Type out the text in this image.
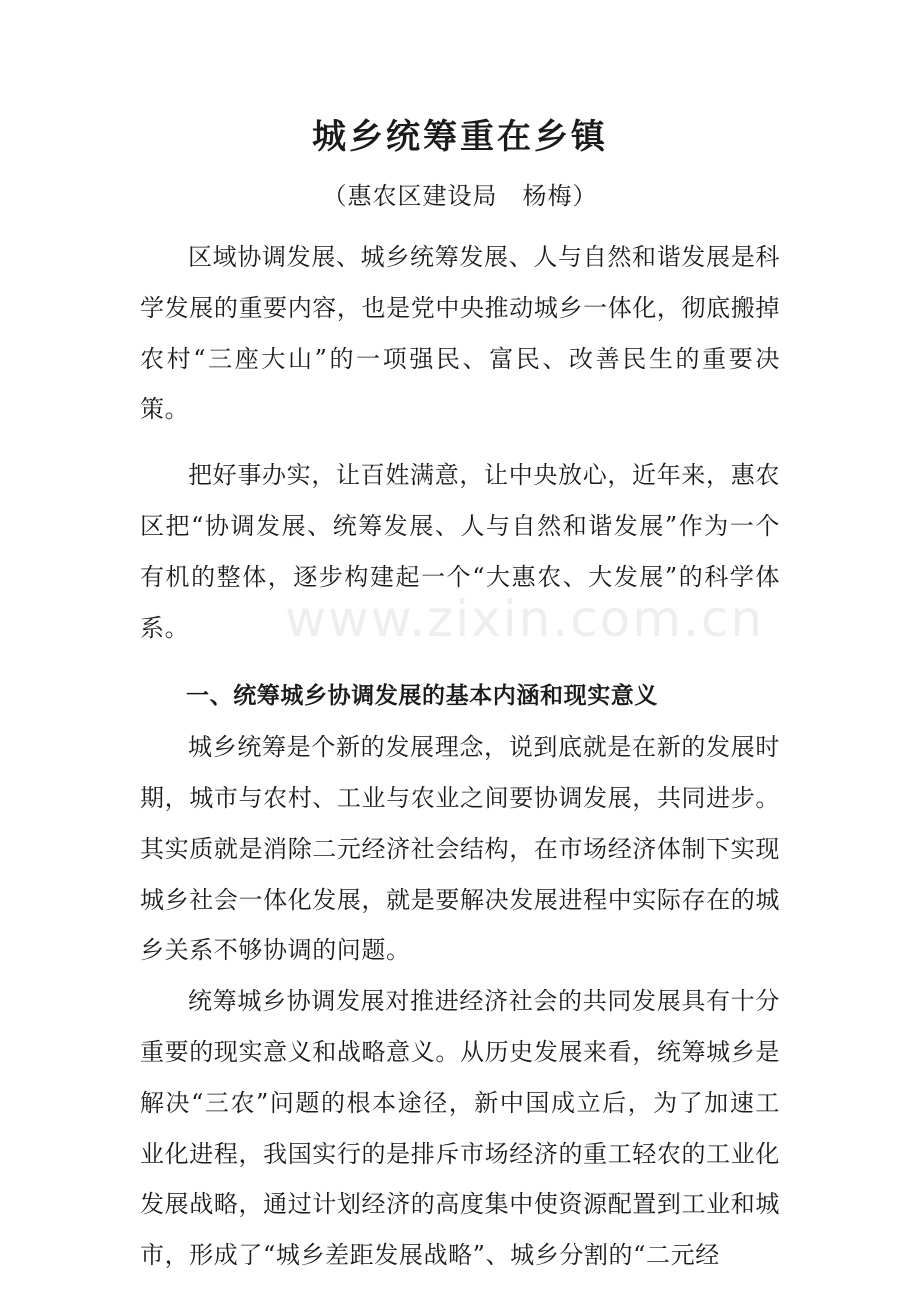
城乡统筹重在乡镇
（惠农区建设局　杨梅）

区域协调发展、城乡统筹发展、人与自然和谐发展是科学发展的重要内容，也是党中央推动城乡一体化，彻底搬掉农村“三座大山”的一项强民、富民、改善民生的重要决策。

把好事办实，让百姓满意，让中央放心，近年来，惠农区把“协调发展、统筹发展、人与自然和谐发展”作为一个有机的整体，逐步构建起一个“大惠农、大发展”的科学体系。

一、统筹城乡协调发展的基本内涵和现实意义

城乡统筹是个新的发展理念，说到底就是在新的发展时期，城市与农村、工业与农业之间要协调发展，共同进步。其实质就是消除二元经济社会结构，在市场经济体制下实现城乡社会一体化发展，就是要解决发展进程中实际存在的城乡关系不够协调的问题。

统筹城乡协调发展对推进经济社会的共同发展具有十分重要的现实意义和战略意义。从历史发展来看，统筹城乡是解决“三农”问题的根本途径，新中国成立后，为了加速工业化进程，我国实行的是排斥市场经济的重工轻农的工业化发展战略，通过计划经济的高度集中使资源配置到工业和城市，形成了“城乡差距发展战略”、城乡分割的“二元经

www.zixin.com.cn
